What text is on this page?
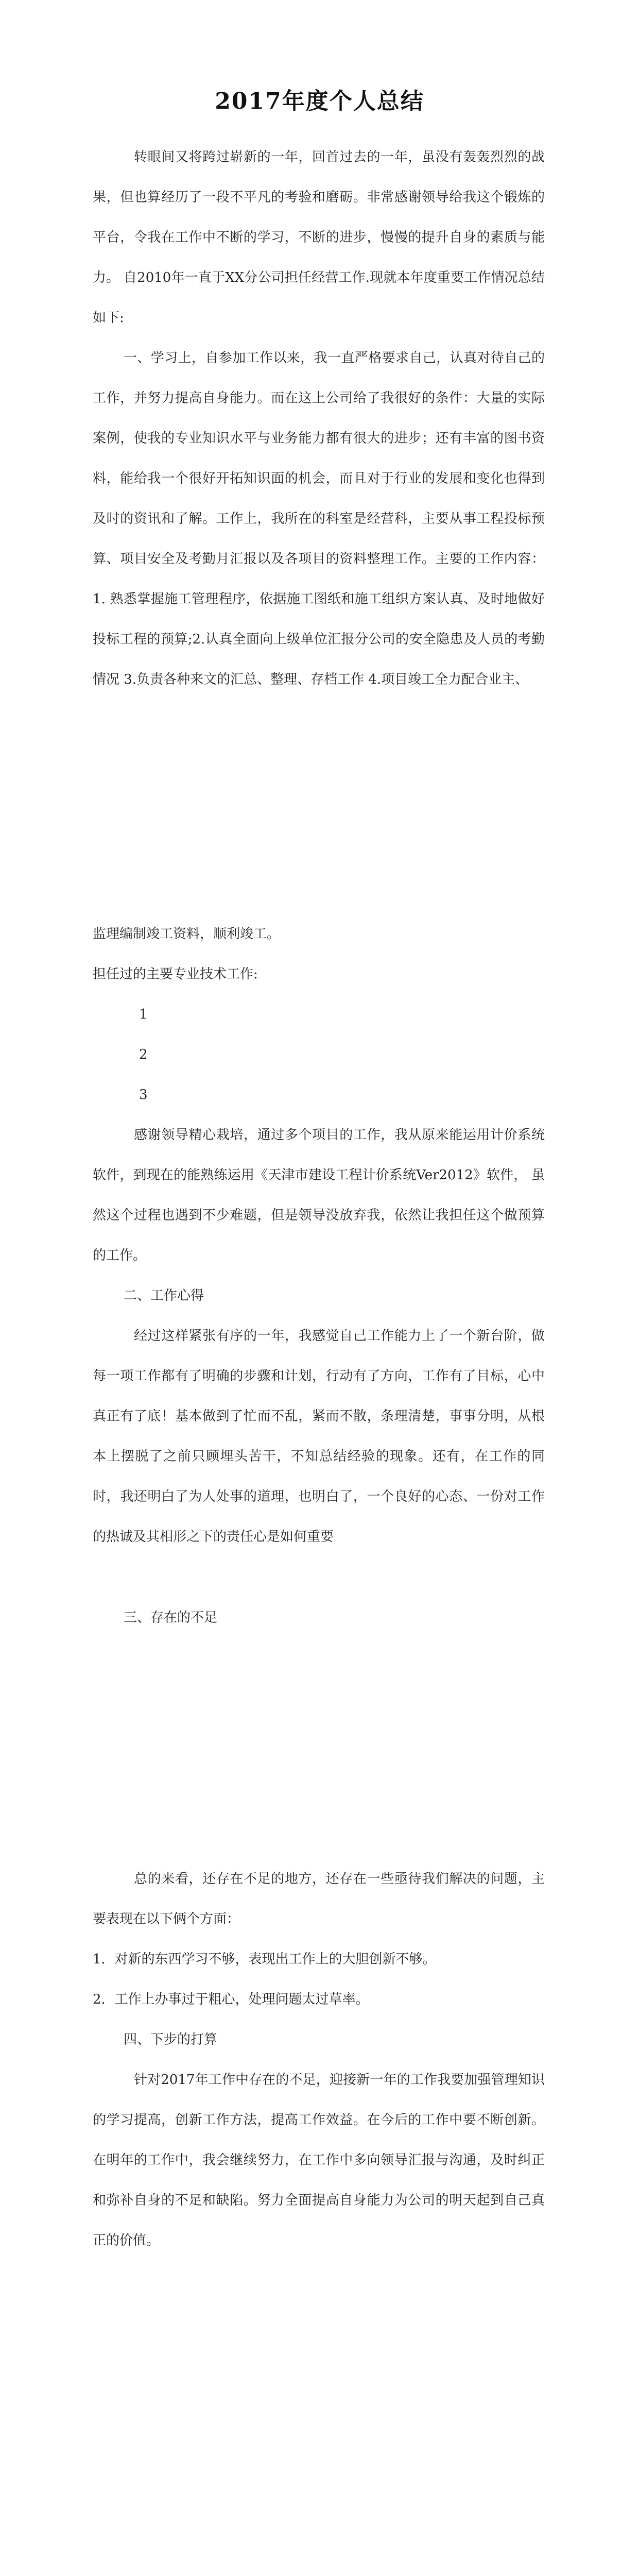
2017年度个人总结

转眼间又将跨过崭新的一年，回首过去的一年，虽没有轰轰烈烈的战果，但也算经历了一段不平凡的考验和磨砺。非常感谢领导给我这个锻炼的平台，令我在工作中不断的学习，不断的进步，慢慢的提升自身的素质与能力。 自2010年一直于XX分公司担任经营工作.现就本年度重要工作情况总结如下:

一、学习上，自参加工作以来，我一直严格要求自己，认真对待自己的工作，并努力提高自身能力。而在这上公司给了我很好的条件：大量的实际案例，使我的专业知识水平与业务能力都有很大的进步；还有丰富的图书资料，能给我一个很好开拓知识面的机会，而且对于行业的发展和变化也得到及时的资讯和了解。工作上，我所在的科室是经营科，主要从事工程投标预算、项目安全及考勤月汇报以及各项目的资料整理工作。主要的工作内容：1. 熟悉掌握施工管理程序，依据施工图纸和施工组织方案认真、及时地做好投标工程的预算;2.认真全面向上级单位汇报分公司的安全隐患及人员的考勤情况 3.负责各种来文的汇总、整理、存档工作 4.项目竣工全力配合业主、

监理编制竣工资料，顺利竣工。

担任过的主要专业技术工作:

1

2

3

感谢领导精心栽培，通过多个项目的工作，我从原来能运用计价系统软件，到现在的能熟练运用《天津市建设工程计价系统Ver2012》软件， 虽然这个过程也遇到不少难题，但是领导没放弃我，依然让我担任这个做预算的工作。

二、工作心得

经过这样紧张有序的一年，我感觉自己工作能力上了一个新台阶，做每一项工作都有了明确的步骤和计划，行动有了方向，工作有了目标，心中真正有了底！基本做到了忙而不乱，紧而不散，条理清楚，事事分明，从根本上摆脱了之前只顾埋头苦干，不知总结经验的现象。还有，在工作的同时，我还明白了为人处事的道理，也明白了，一个良好的心态、一份对工作的热诚及其相形之下的责任心是如何重要

三、存在的不足

总的来看，还存在不足的地方，还存在一些亟待我们解决的问题，主要表现在以下俩个方面：

1．对新的东西学习不够，表现出工作上的大胆创新不够。

2．工作上办事过于粗心，处理问题太过草率。

四、下步的打算

针对2017年工作中存在的不足，迎接新一年的工作我要加强管理知识的学习提高，创新工作方法，提高工作效益。在今后的工作中要不断创新。在明年的工作中，我会继续努力，在工作中多向领导汇报与沟通，及时纠正和弥补自身的不足和缺陷。努力全面提高自身能力为公司的明天起到自己真正的价值。
